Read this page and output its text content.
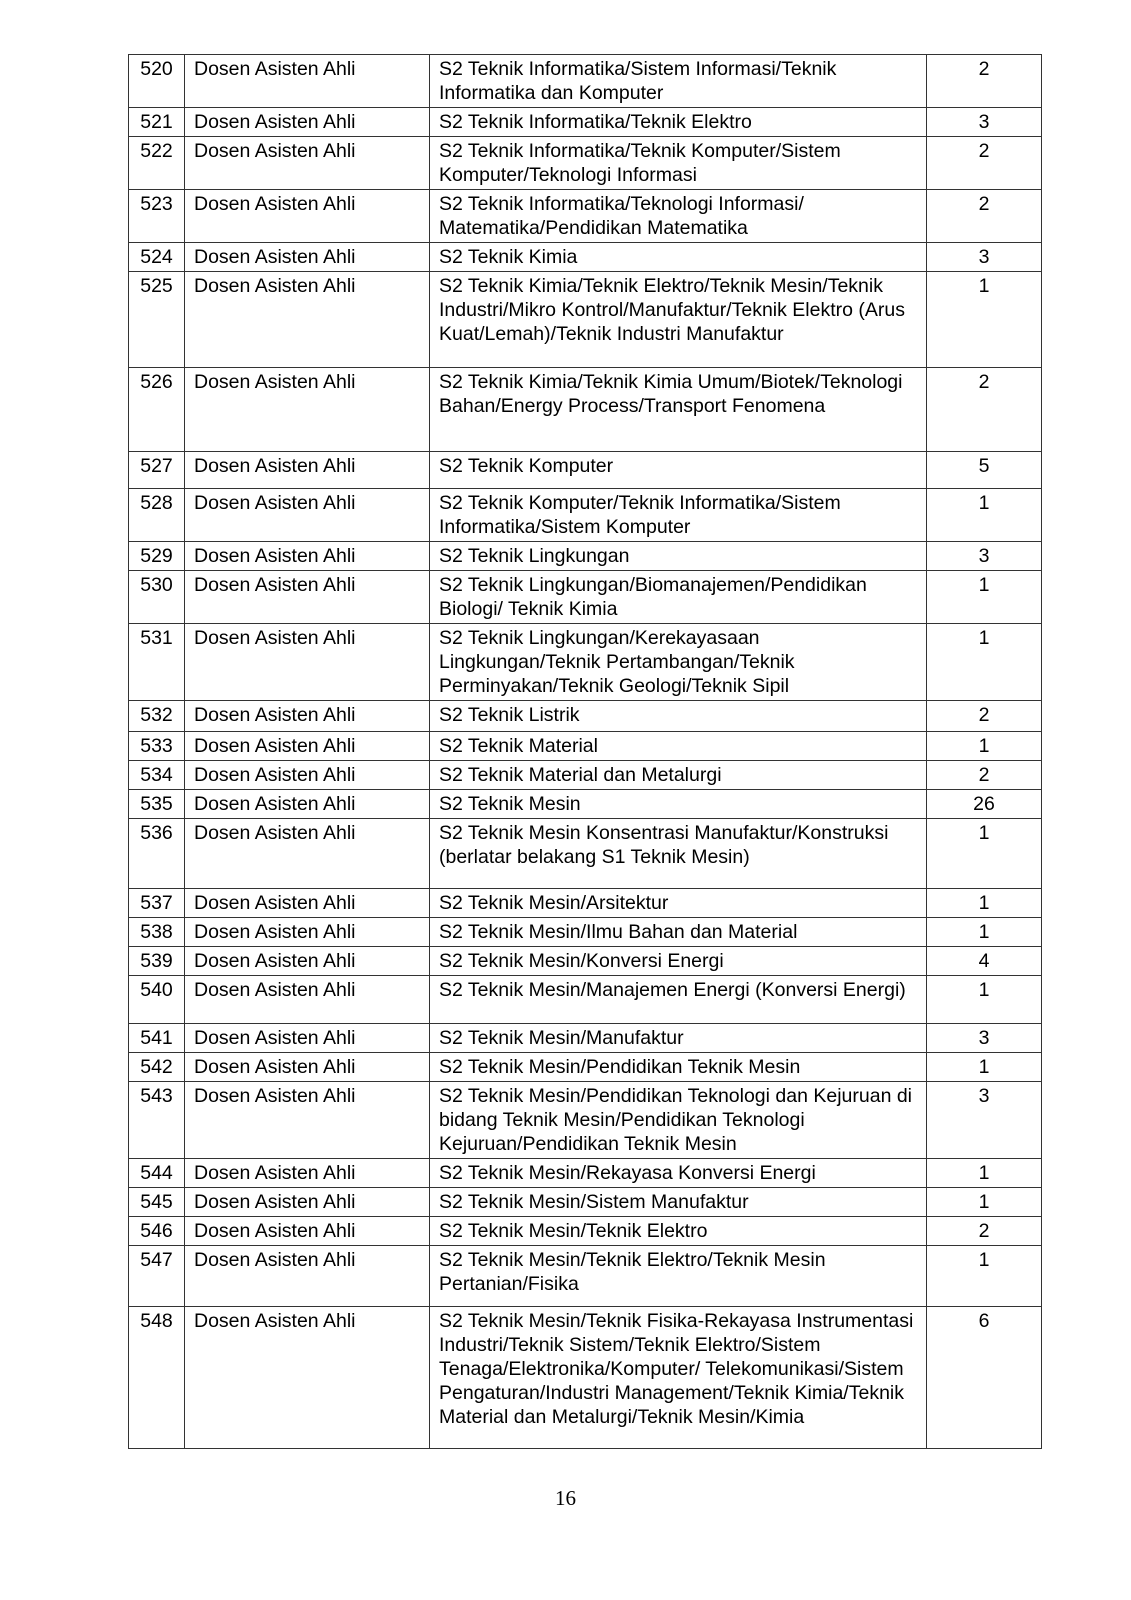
520	Dosen Asisten Ahli	S2 Teknik Informatika/Sistem Informasi/Teknik Informatika dan Komputer	2
521	Dosen Asisten Ahli	S2 Teknik Informatika/Teknik Elektro	3
522	Dosen Asisten Ahli	S2 Teknik Informatika/Teknik Komputer/Sistem Komputer/Teknologi Informasi	2
523	Dosen Asisten Ahli	S2 Teknik Informatika/Teknologi Informasi/ Matematika/Pendidikan Matematika	2
524	Dosen Asisten Ahli	S2 Teknik Kimia	3
525	Dosen Asisten Ahli	S2 Teknik Kimia/Teknik Elektro/Teknik Mesin/Teknik Industri/Mikro Kontrol/Manufaktur/Teknik Elektro (Arus Kuat/Lemah)/Teknik Industri Manufaktur	1
526	Dosen Asisten Ahli	S2 Teknik Kimia/Teknik Kimia Umum/Biotek/Teknologi Bahan/Energy Process/Transport Fenomena	2
527	Dosen Asisten Ahli	S2 Teknik Komputer	5
528	Dosen Asisten Ahli	S2 Teknik Komputer/Teknik Informatika/Sistem Informatika/Sistem Komputer	1
529	Dosen Asisten Ahli	S2 Teknik Lingkungan	3
530	Dosen Asisten Ahli	S2 Teknik Lingkungan/Biomanajemen/Pendidikan Biologi/ Teknik Kimia	1
531	Dosen Asisten Ahli	S2 Teknik Lingkungan/Kerekayasaan Lingkungan/Teknik Pertambangan/Teknik Perminyakan/Teknik Geologi/Teknik Sipil	1
532	Dosen Asisten Ahli	S2 Teknik Listrik	2
533	Dosen Asisten Ahli	S2 Teknik Material	1
534	Dosen Asisten Ahli	S2 Teknik Material dan Metalurgi	2
535	Dosen Asisten Ahli	S2 Teknik Mesin	26
536	Dosen Asisten Ahli	S2 Teknik Mesin Konsentrasi Manufaktur/Konstruksi (berlatar belakang S1 Teknik Mesin)	1
537	Dosen Asisten Ahli	S2 Teknik Mesin/Arsitektur	1
538	Dosen Asisten Ahli	S2 Teknik Mesin/Ilmu Bahan dan Material	1
539	Dosen Asisten Ahli	S2 Teknik Mesin/Konversi Energi	4
540	Dosen Asisten Ahli	S2 Teknik Mesin/Manajemen Energi (Konversi Energi)	1
541	Dosen Asisten Ahli	S2 Teknik Mesin/Manufaktur	3
542	Dosen Asisten Ahli	S2 Teknik Mesin/Pendidikan Teknik Mesin	1
543	Dosen Asisten Ahli	S2 Teknik Mesin/Pendidikan Teknologi dan Kejuruan di bidang Teknik Mesin/Pendidikan Teknologi Kejuruan/Pendidikan Teknik Mesin	3
544	Dosen Asisten Ahli	S2 Teknik Mesin/Rekayasa Konversi Energi	1
545	Dosen Asisten Ahli	S2 Teknik Mesin/Sistem Manufaktur	1
546	Dosen Asisten Ahli	S2 Teknik Mesin/Teknik Elektro	2
547	Dosen Asisten Ahli	S2 Teknik Mesin/Teknik Elektro/Teknik Mesin Pertanian/Fisika	1
548	Dosen Asisten Ahli	S2 Teknik Mesin/Teknik Fisika-Rekayasa Instrumentasi Industri/Teknik Sistem/Teknik Elektro/Sistem Tenaga/Elektronika/Komputer/ Telekomunikasi/Sistem Pengaturan/Industri Management/Teknik Kimia/Teknik Material dan Metalurgi/Teknik Mesin/Kimia	6
16
